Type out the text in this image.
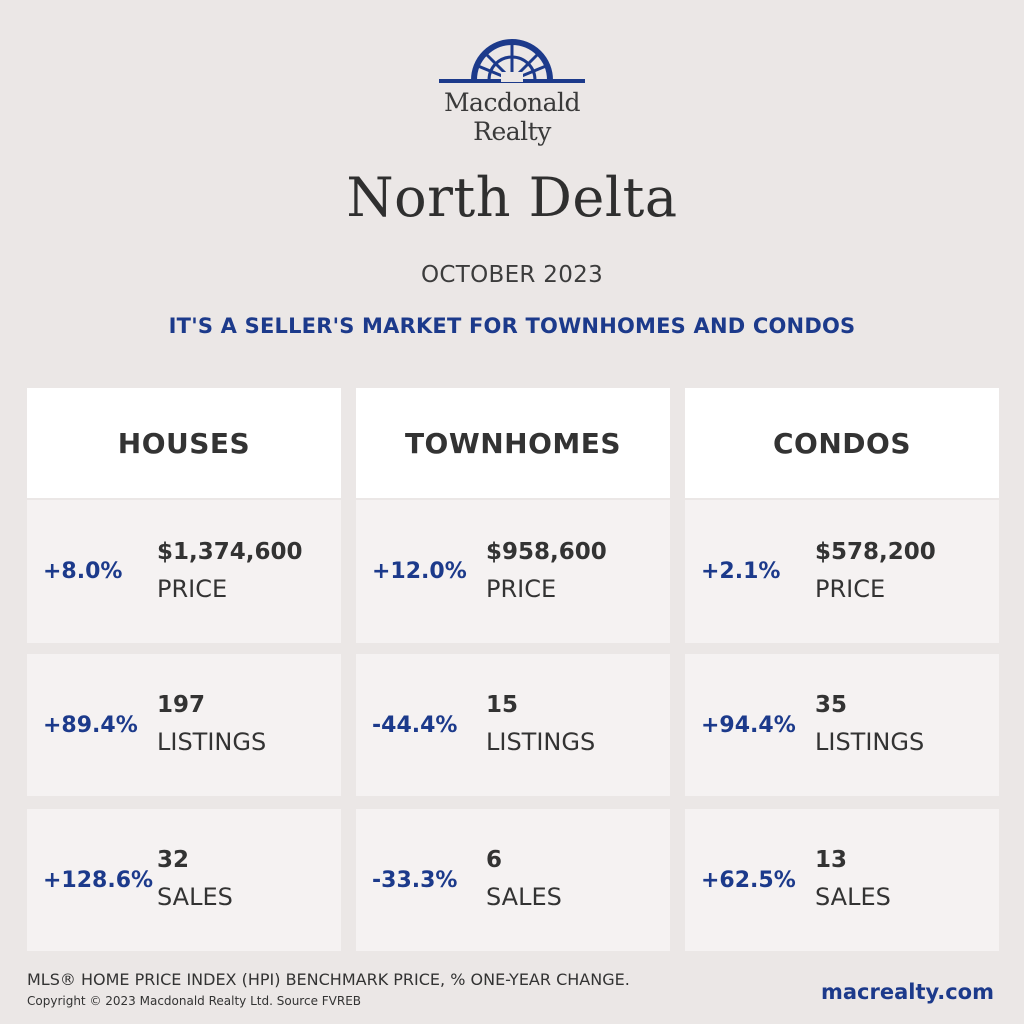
Macdonald
Realty
North Delta
OCTOBER 2023
IT'S A SELLER'S MARKET FOR TOWNHOMES AND CONDOS
HOUSES
+8.0%
$1,374,600
PRICE
+89.4%
197
LISTINGS
+128.6%
32
SALES
TOWNHOMES
+12.0%
$958,600
PRICE
-44.4%
15
LISTINGS
-33.3%
6
SALES
CONDOS
+2.1%
$578,200
PRICE
+94.4%
35
LISTINGS
+62.5%
13
SALES
MLS® HOME PRICE INDEX (HPI) BENCHMARK PRICE, % ONE-YEAR CHANGE.
Copyright © 2023 Macdonald Realty Ltd. Source FVREB	macrealty.com
